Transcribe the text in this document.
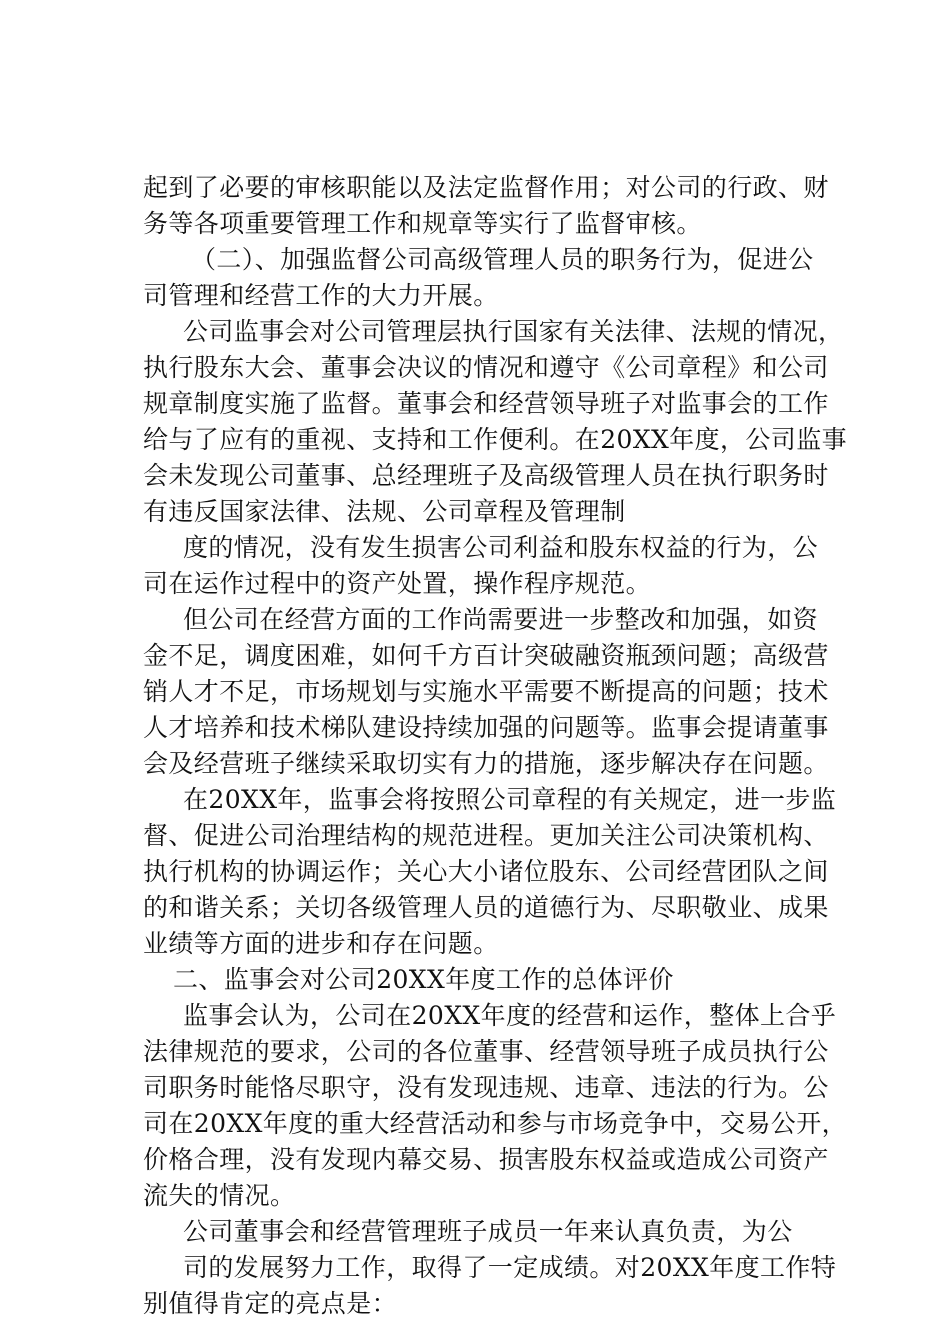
起到了必要的审核职能以及法定监督作用；对公司的行政、财
务等各项重要管理工作和规章等实行了监督审核。
（二）、加强监督公司高级管理人员的职务行为，促进公
司管理和经营工作的大力开展。
公司监事会对公司管理层执行国家有关法律、法规的情况，
执行股东大会、董事会决议的情况和遵守《公司章程》和公司
规章制度实施了监督。董事会和经营领导班子对监事会的工作
给与了应有的重视、支持和工作便利。在20XX年度，公司监事
会未发现公司董事、总经理班子及高级管理人员在执行职务时
有违反国家法律、法规、公司章程及管理制
度的情况，没有发生损害公司利益和股东权益的行为，公
司在运作过程中的资产处置，操作程序规范。
但公司在经营方面的工作尚需要进一步整改和加强，如资
金不足，调度困难，如何千方百计突破融资瓶颈问题；高级营
销人才不足，市场规划与实施水平需要不断提高的问题；技术
人才培养和技术梯队建设持续加强的问题等。监事会提请董事
会及经营班子继续采取切实有力的措施，逐步解决存在问题。
在20XX年，监事会将按照公司章程的有关规定，进一步监
督、促进公司治理结构的规范进程。更加关注公司决策机构、
执行机构的协调运作；关心大小诸位股东、公司经营团队之间
的和谐关系；关切各级管理人员的道德行为、尽职敬业、成果
业绩等方面的进步和存在问题。
二、监事会对公司20XX年度工作的总体评价
监事会认为，公司在20XX年度的经营和运作，整体上合乎
法律规范的要求，公司的各位董事、经营领导班子成员执行公
司职务时能恪尽职守，没有发现违规、违章、违法的行为。公
司在20XX年度的重大经营活动和参与市场竞争中，交易公开，
价格合理，没有发现内幕交易、损害股东权益或造成公司资产
流失的情况。
公司董事会和经营管理班子成员一年来认真负责，为公
司的发展努力工作，取得了一定成绩。对20XX年度工作特
别值得肯定的亮点是：
